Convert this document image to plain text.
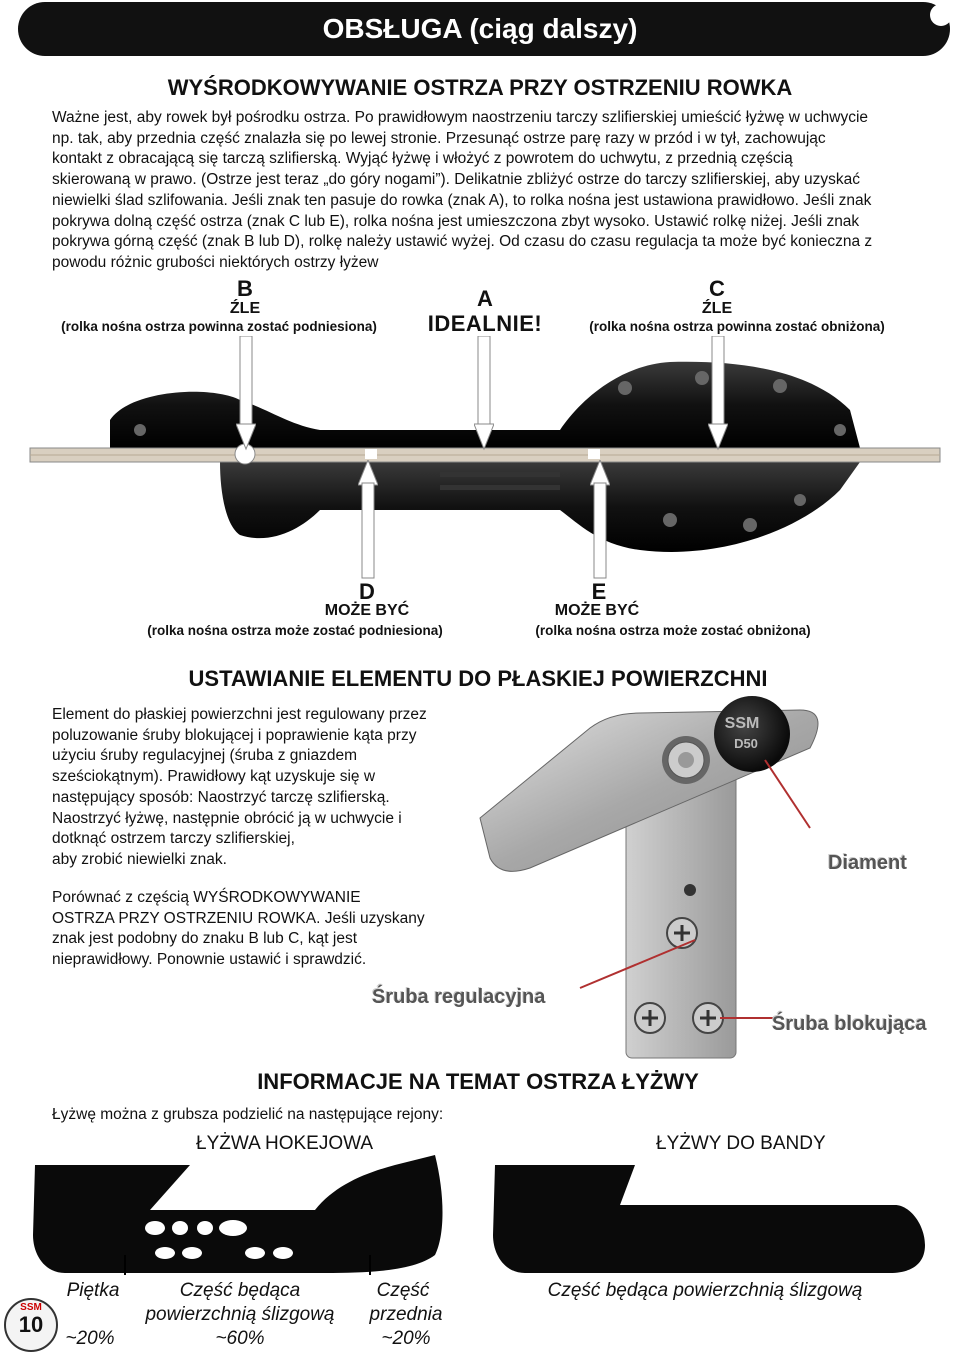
OBSŁUGA (ciąg dalszy)
WYŚRODKOWYWANIE OSTRZA PRZY OSTRZENIU ROWKA
Ważne jest, aby rowek był pośrodku ostrza. Po prawidłowym naostrzeniu tarczy szlifierskiej umieścić łyżwę w uchwycie
np. tak, aby przednia część znalazła się po lewej stronie. Przesunąć ostrze parę razy w przód i w tył, zachowując
kontakt z obracającą się tarczą szlifierską. Wyjąć łyżwę i włożyć z powrotem do uchwytu, z przednią częścią
skierowaną w prawo. (Ostrze jest teraz „do góry nogami”). Delikatnie zbliżyć ostrze do tarczy szlifierskiej, aby uzyskać
niewielki ślad szlifowania. Jeśli znak ten pasuje do rowka (znak A), to rolka nośna jest ustawiona prawidłowo. Jeśli znak
pokrywa dolną część ostrza (znak C lub E), rolka nośna jest umieszczona zbyt wysoko. Ustawić rolkę niżej. Jeśli znak
pokrywa górną część (znak B lub D), rolkę należy ustawić wyżej. Od czasu do czasu regulacja ta może być konieczna z
powodu różnic grubości niektórych ostrzy łyżew
B
ŹLE
(rolka nośna ostrza powinna zostać podniesiona)
A
IDEALNIE!
C
ŹLE
(rolka nośna ostrza powinna zostać obniżona)
D
MOŻE BYĆ
(rolka nośna ostrza może zostać podniesiona)
E
MOŻE BYĆ
(rolka nośna ostrza może zostać obniżona)
USTAWIANIE ELEMENTU DO PŁASKIEJ POWIERZCHNI
Element do płaskiej powierzchni jest regulowany przez
poluzowanie śruby blokującej i poprawienie kąta przy
użyciu śruby regulacyjnej (śruba z gniazdem
sześciokątnym). Prawidłowy kąt uzyskuje się w
następujący sposób: Naostrzyć tarczę szlifierską.
Naostrzyć łyżwę, następnie obrócić ją w uchwycie i
dotknąć ostrzem tarczy szlifierskiej,
aby zrobić niewielki znak.
Porównać z częścią WYŚRODKOWYWANIE
OSTRZA PRZY OSTRZENIU ROWKA. Jeśli uzyskany
znak jest podobny do znaku B lub C, kąt jest
nieprawidłowy. Ponownie ustawić i sprawdzić.
SSM
D50
Diament
Śruba regulacyjna
Śruba blokująca
INFORMACJE NA TEMAT OSTRZA ŁYŻWY
Łyżwę można z grubsza podzielić na następujące rejony:
ŁYŻWA HOKEJOWA	ŁYŻWY DO BANDY
Piętka
~20%
Część będąca
powierzchnią ślizgową
~60%
Część
przednia
~20%
Część będąca powierzchnią ślizgową
SSM
10
